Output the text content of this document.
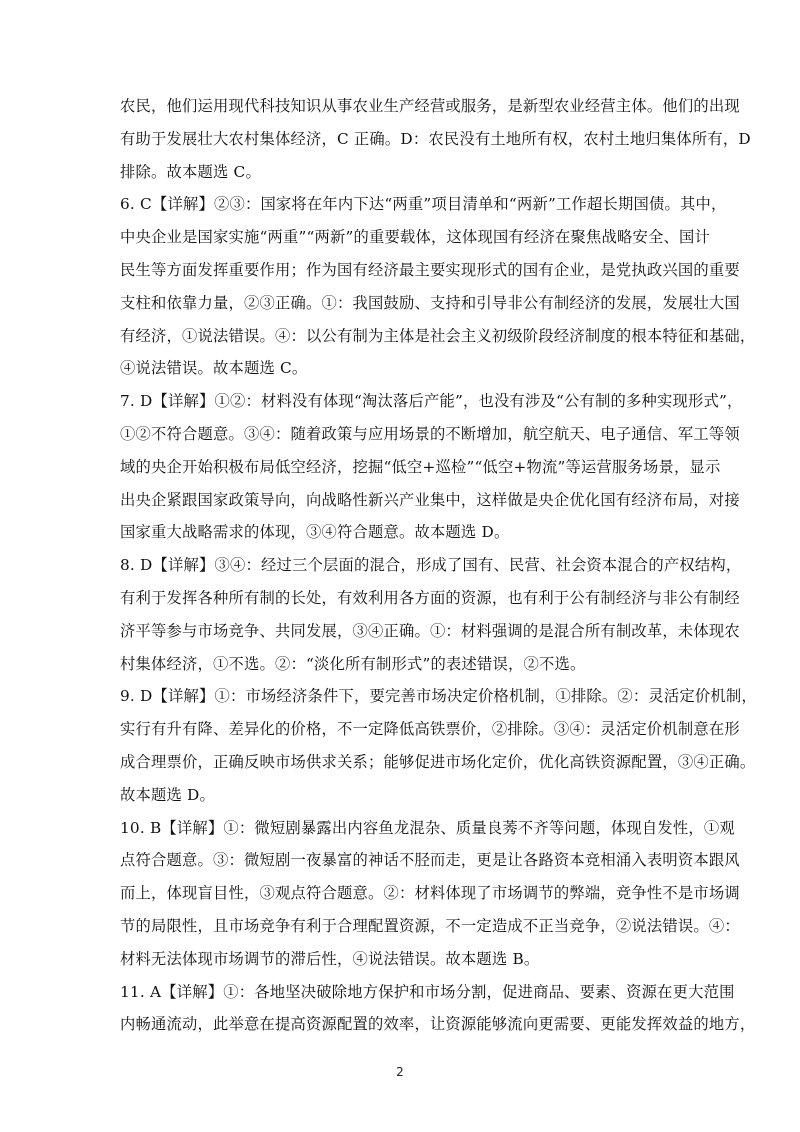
农民，他们运用现代科技知识从事农业生产经营或服务，是新型农业经营主体。他们的出现
有助于发展壮大农村集体经济，C 正确。D：农民没有土地所有权，农村土地归集体所有，D
排除。故本题选 C。
6. C【详解】②③：国家将在年内下达“两重”项目清单和“两新”工作超长期国债。其中，
中央企业是国家实施“两重”“两新”的重要载体，这体现国有经济在聚焦战略安全、国计
民生等方面发挥重要作用；作为国有经济最主要实现形式的国有企业，是党执政兴国的重要
支柱和依靠力量，②③正确。①：我国鼓励、支持和引导非公有制经济的发展，发展壮大国
有经济，①说法错误。④：以公有制为主体是社会主义初级阶段经济制度的根本特征和基础，
④说法错误。故本题选 C。
7. D【详解】①②：材料没有体现“淘汰落后产能”，也没有涉及“公有制的多种实现形式”，
①②不符合题意。③④：随着政策与应用场景的不断增加，航空航天、电子通信、军工等领
域的央企开始积极布局低空经济，挖掘“低空+巡检”“低空+物流”等运营服务场景，显示
出央企紧跟国家政策导向，向战略性新兴产业集中，这样做是央企优化国有经济布局，对接
国家重大战略需求的体现，③④符合题意。故本题选 D。
8. D【详解】③④：经过三个层面的混合，形成了国有、民营、社会资本混合的产权结构，
有利于发挥各种所有制的长处，有效利用各方面的资源，也有利于公有制经济与非公有制经
济平等参与市场竞争、共同发展，③④正确。①：材料强调的是混合所有制改革，未体现农
村集体经济，①不选。②：“淡化所有制形式”的表述错误，②不选。
9. D【详解】①：市场经济条件下，要完善市场决定价格机制，①排除。②：灵活定价机制，
实行有升有降、差异化的价格，不一定降低高铁票价，②排除。③④：灵活定价机制意在形
成合理票价，正确反映市场供求关系；能够促进市场化定价，优化高铁资源配置，③④正确。
故本题选 D。
10. B【详解】①：微短剧暴露出内容鱼龙混杂、质量良莠不齐等问题，体现自发性，①观
点符合题意。③：微短剧一夜暴富的神话不胫而走，更是让各路资本竞相涌入表明资本跟风
而上，体现盲目性，③观点符合题意。②：材料体现了市场调节的弊端，竞争性不是市场调
节的局限性，且市场竞争有利于合理配置资源，不一定造成不正当竞争，②说法错误。④：
材料无法体现市场调节的滞后性，④说法错误。故本题选 B。
11. A【详解】①：各地坚决破除地方保护和市场分割，促进商品、要素、资源在更大范围
内畅通流动，此举意在提高资源配置的效率，让资源能够流向更需要、更能发挥效益的地方，
2
